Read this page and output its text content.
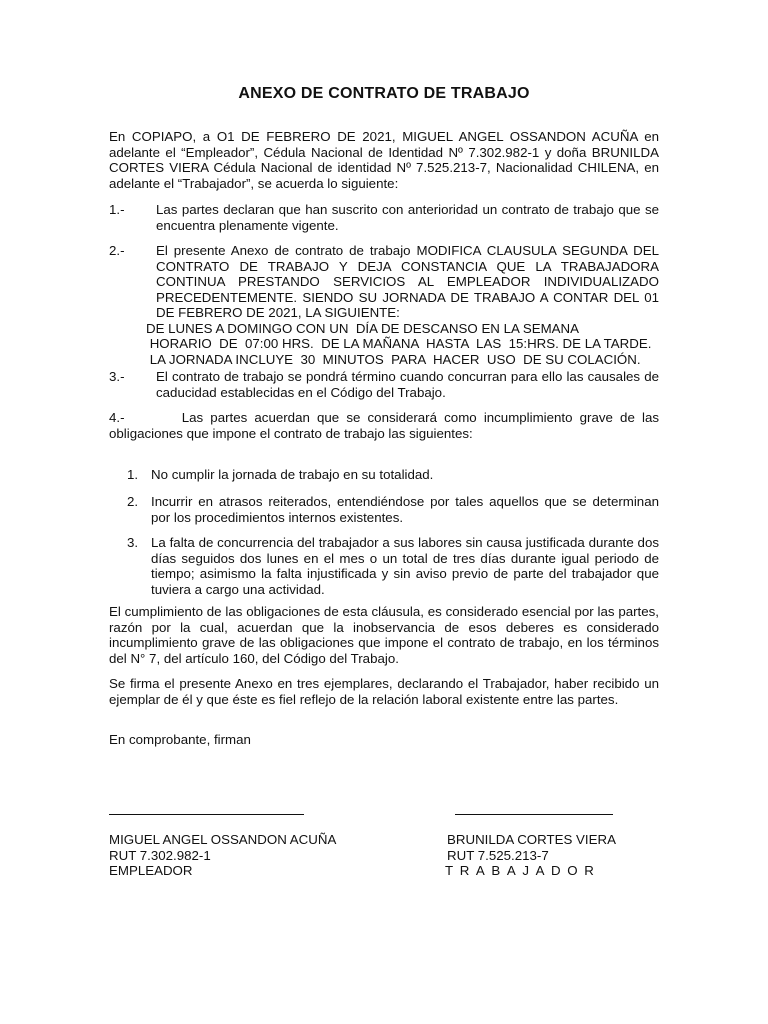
ANEXO DE CONTRATO DE TRABAJO
En COPIAPO, a O1 DE FEBRERO DE 2021, MIGUEL ANGEL OSSANDON ACUÑA en adelante el “Empleador”, Cédula Nacional de Identidad Nº 7.302.982-1 y doña BRUNILDA CORTES VIERA Cédula Nacional de identidad Nº 7.525.213-7, Nacionalidad CHILENA, en adelante el “Trabajador”, se acuerda lo siguiente:
1.- Las partes declaran que han suscrito con anterioridad un contrato de trabajo que se encuentra plenamente vigente.
2.- El presente Anexo de contrato de trabajo MODIFICA CLAUSULA SEGUNDA DEL CONTRATO DE TRABAJO Y DEJA CONSTANCIA QUE LA TRABAJADORA CONTINUA PRESTANDO SERVICIOS AL EMPLEADOR INDIVIDUALIZADO PRECEDENTEMENTE. SIENDO SU JORNADA DE TRABAJO A CONTAR DEL 01 DE FEBRERO DE 2021, LA SIGUIENTE:
DE LUNES A DOMINGO CON UN  DÍA DE DESCANSO EN LA SEMANA
HORARIO  DE  07:00 HRS.  DE LA MAÑANA  HASTA  LAS  15:HRS. DE LA TARDE.
LA JORNADA INCLUYE  30  MINUTOS  PARA  HACER  USO  DE SU COLACIÓN.
3.- El contrato de trabajo se pondrá término cuando concurran para ello las causales de caducidad establecidas en el Código del Trabajo.
4.-	Las partes acuerdan que se considerará como incumplimiento grave de las obligaciones que impone el contrato de trabajo las siguientes:
1. No cumplir la jornada de trabajo en su totalidad.
2. Incurrir en atrasos reiterados, entendiéndose por tales aquellos que se determinan por los procedimientos internos existentes.
3. La falta de concurrencia del trabajador a sus labores sin causa justificada durante dos días seguidos dos lunes en el mes o un total de tres días durante igual periodo de tiempo; asimismo la falta injustificada y sin aviso previo de parte del trabajador que tuviera a cargo una actividad.
El cumplimiento de las obligaciones de esta cláusula, es considerado esencial por las partes, razón por la cual, acuerdan que la inobservancia de esos deberes es considerado incumplimiento grave de las obligaciones que impone el contrato de trabajo, en los términos del N° 7, del artículo 160, del Código del Trabajo.
Se firma el presente Anexo en tres ejemplares, declarando el Trabajador, haber recibido un ejemplar de él y que éste es fiel reflejo de la relación laboral existente entre las partes.
En comprobante, firman
MIGUEL ANGEL OSSANDON ACUÑA
RUT 7.302.982-1
EMPLEADOR
BRUNILDA CORTES VIERA
RUT 7.525.213-7
TRABAJADOR
